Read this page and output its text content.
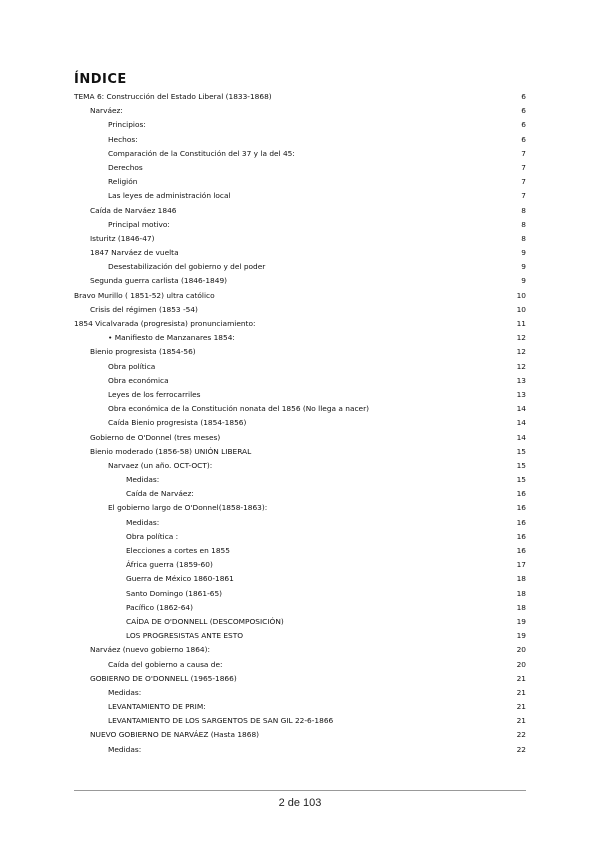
ÍNDICE
TEMA 6: Construcción del Estado Liberal (1833-1868)	6
Narváez:	6
Principios:	6
Hechos:	6
Comparación de la Constitución del 37 y la del 45:	7
Derechos	7
Religión	7
Las leyes de administración local	7
Caída de Narváez 1846	8
Principal motivo:	8
Isturitz (1846-47)	8
1847 Narváez de vuelta	9
Desestabilización del gobierno y del poder	9
Segunda guerra carlista (1846-1849)	9
Bravo Murillo ( 1851-52) ultra católico	10
Crisis del régimen (1853 -54)	10
1854 Vicalvarada (progresista) pronunciamiento:	11
• Manifiesto de Manzanares 1854:	12
Bienio progresista (1854-56)	12
Obra política	12
Obra económica	13
Leyes de los ferrocarriles	13
Obra económica de la Constitución nonata del 1856 (No llega a nacer)	14
Caída Bienio progresista (1854-1856)	14
Gobierno de O'Donnel (tres meses)	14
Bienio moderado (1856-58) UNIÓN LIBERAL	15
Narvaez (un año. OCT-OCT):	15
Medidas:	15
Caída de Narváez:	16
El gobierno largo de O'Donnel(1858-1863):	16
Medidas:	16
Obra política :	16
Elecciones a cortes en 1855	16
África guerra (1859-60)	17
Guerra de México 1860-1861	18
Santo Domingo (1861-65)	18
Pacífico (1862-64)	18
CAÍDA DE O'DONNELL (DESCOMPOSICIÓN)	19
LOS PROGRESISTAS ANTE ESTO	19
Narváez (nuevo gobierno 1864):	20
Caída del gobierno a causa de:	20
GOBIERNO DE O'DONNELL (1965-1866)	21
Medidas:	21
LEVANTAMIENTO DE PRIM:	21
LEVANTAMIENTO DE LOS SARGENTOS DE SAN GIL 22-6-1866	21
NUEVO GOBIERNO DE NARVÁEZ (Hasta 1868)	22
Medidas:	22
2 de 103
